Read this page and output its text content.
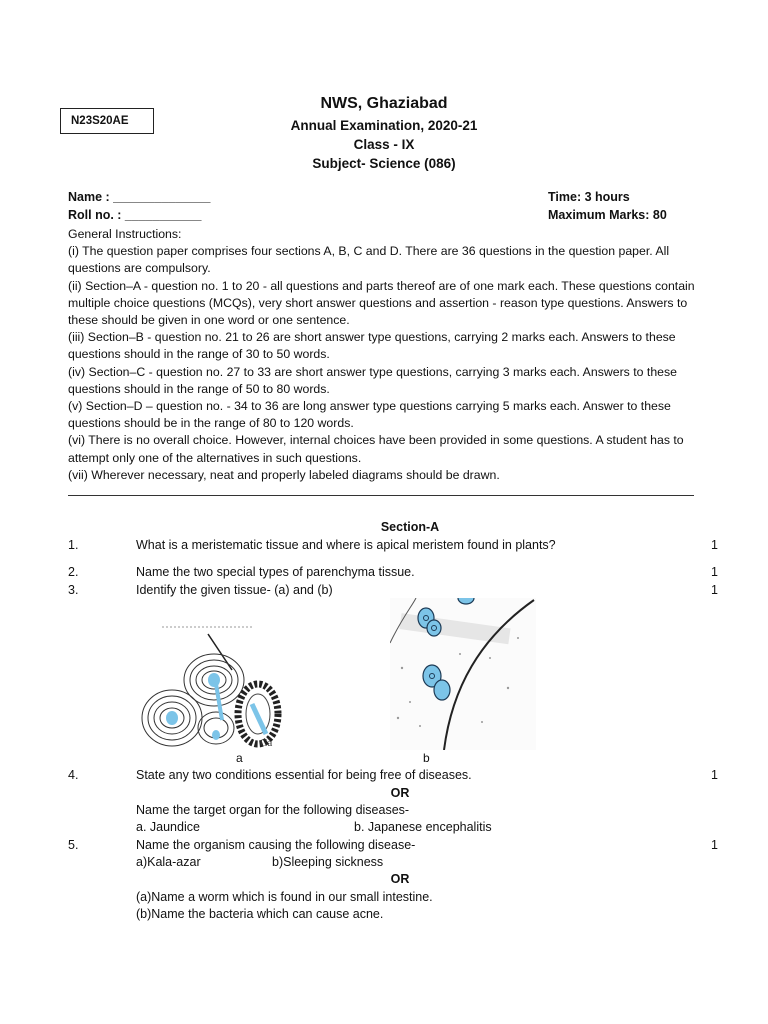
N23S20AE
NWS, Ghaziabad
Annual Examination, 2020-21
Class - IX
Subject- Science (086)
Name : ______________
Roll no. : ___________
Time: 3 hours
Maximum Marks: 80

General Instructions:

(i) The question paper comprises four sections A, B, C and D. There are 36 questions in the question paper. All questions are compulsory.

(ii) Section–A - question no. 1 to 20 - all questions and parts thereof are of one mark each. These questions contain multiple choice questions (MCQs), very short answer questions and assertion - reason type questions. Answers to these should be given in one word or one sentence.

(iii) Section–B - question no. 21 to 26 are short answer type questions, carrying 2 marks each. Answers to these questions should in the range of 30 to 50 words.

(iv) Section–C - question no. 27 to 33 are short answer type questions, carrying 3 marks each. Answers to these questions should in the range of 50 to 80 words.

(v) Section–D – question no. - 34 to 36 are long answer type questions carrying 5 marks each. Answer to these questions should be in the range of 80 to 120 words.

(vi) There is no overall choice. However, internal choices have been provided in some questions. A student has to attempt only one of the alternatives in such questions.

(vii) Wherever necessary, neat and properly labeled diagrams should be drawn.

Section-A
1.	What is a meristematic tissue and where is apical meristem found in plants?	1
2.	Name the two special types of parenchyma tissue.	1
3.	Identify the given tissue- (a) and (b)	1
Ca
a	b
4.	State any two conditions essential for being free of diseases.	1
OR
Name the target organ for the following diseases-
a. Jaundice	b. Japanese encephalitis
5.	Name the organism causing the following disease-	1
a)Kala-azar	b)Sleeping sickness
OR
(a)Name a worm which is found in our small intestine.
(b)Name the bacteria which can cause acne.
